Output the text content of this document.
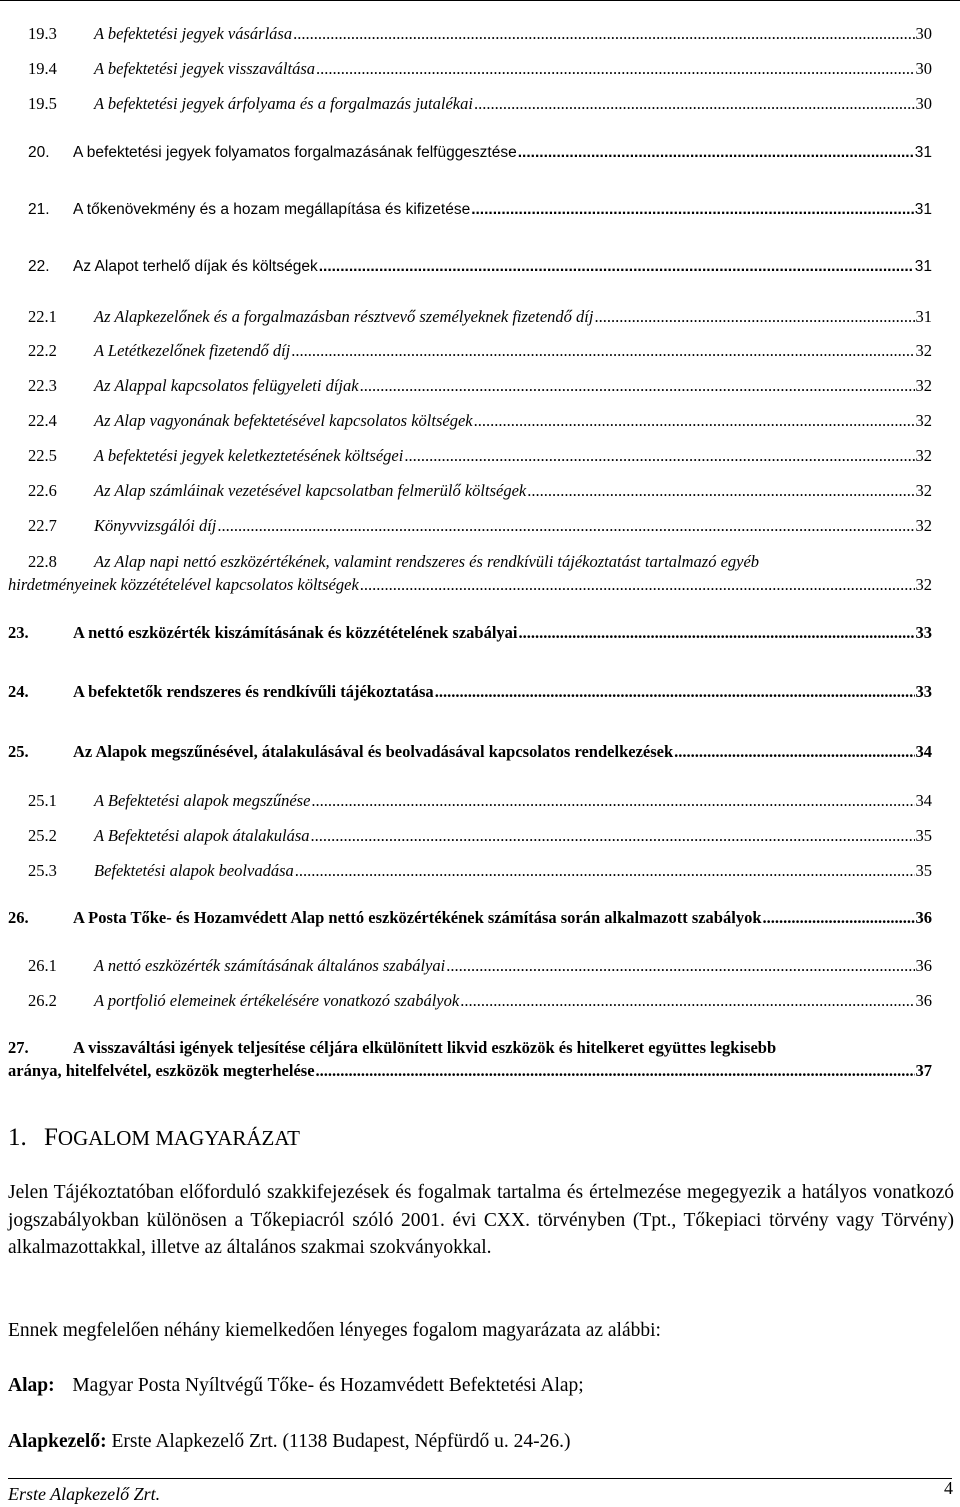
19.3 A befektetési jegyek vásárlása .....	30
19.4 A befektetési jegyek visszaváltása .....	30
19.5 A befektetési jegyek árfolyama és a forgalmazás jutalékai .....	30
20. A befektetési jegyek folyamatos forgalmazásának felfüggesztése .....	31
21. A tőkenövekmény és a hozam megállapítása és kifizetése .....	31
22. Az Alapot terhelő díjak és költségek .....	31
22.1 Az Alapkezelőnek és a forgalmazásban résztvevő személyeknek fizetendő díj .....	31
22.2 A Letétkezelőnek fizetendő díj .....	32
22.3 Az Alappal kapcsolatos felügyeleti díjak .....	32
22.4 Az Alap vagyonának befektetésével kapcsolatos költségek .....	32
22.5 A befektetési jegyek keletkeztetésének költségei .....	32
22.6 Az Alap számláinak vezetésével kapcsolatban felmerülő költségek .....	32
22.7 Könyvvizsgálói díj .....	32
22.8 Az Alap napi nettó eszközértékének, valamint rendszeres és rendkívüli tájékoztatást tartalmazó egyéb
hirdetményeinek közzétételével kapcsolatos költségek .....	32
23.	A nettó eszközérték kiszámításának és közzétételének szabályai .....	33
24.	A befektetők rendszeres és rendkívűli tájékoztatása .....	33
25.	Az Alapok megszűnésével, átalakulásával és beolvadásával kapcsolatos rendelkezések .....	34
25.1 A Befektetési alapok megszűnése .....	34
25.2 A Befektetési alapok átalakulása .....	35
25.3 Befektetési alapok beolvadása .....	35
26.	A Posta Tőke- és Hozamvédett Alap nettó eszközértékének számítása során alkalmazott szabályok .....	36
26.1 A nettó eszközérték számításának általános szabályai .....	36
26.2 A portfolió elemeinek értékelésére vonatkozó szabályok .....	36
27.	A visszaváltási igények teljesítése céljára elkülönített likvid eszközök és hitelkeret együttes legkisebb
aránya, hitelfelvétel, eszközök megterhelése .....	37
1. FOGALOM MAGYARÁZAT
Jelen Tájékoztatóban előforduló szakkifejezések és fogalmak tartalma és értelmezése megegyezik a hatályos vonatkozó jogszabályokban különösen a Tőkepiacról szóló 2001. évi CXX. törvényben (Tpt., Tőkepiaci törvény vagy Törvény) alkalmazottakkal, illetve az általános szakmai szokványokkal.
Ennek megfelelően néhány kiemelkedően lényeges fogalom magyarázata az alábbi:
Alap: Magyar Posta Nyíltvégű Tőke- és Hozamvédett Befektetési Alap;
Alapkezelő: Erste Alapkezelő Zrt. (1138 Budapest, Népfürdő u. 24-26.)
Erste Alapkezelő Zrt.	4
